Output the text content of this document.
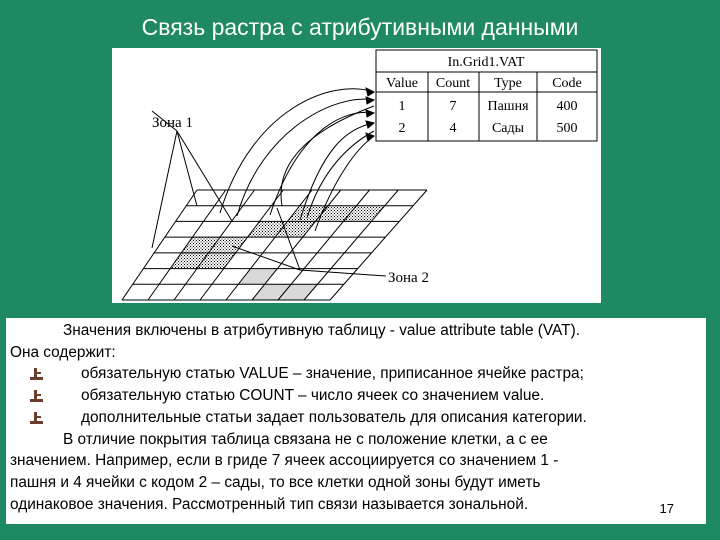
Связь растра с атрибутивными данными
In.Grid1.VAT
Value Count Type Code
1	7 Пашня 400
2	4	Сады 500
Зона 1
Зона 2

Значения включены в атрибутивную таблицу - value attribute table (VAT).

Она содержит:

обязательную статью VALUE – значение, приписанное ячейке растра;

обязательную статью COUNT – число ячеек со значением value.

дополнительные статьи задает пользователь для описания категории.

В отличие покрытия таблица связана не с положение клетки, а с ее

значением. Например, если в гриде 7 ячеек ассоциируется со значением 1 -

пашня и 4 ячейки с кодом 2 – сады, то все клетки одной зоны будут иметь

одинаковое значения. Рассмотренный тип связи называется зональной.	17
